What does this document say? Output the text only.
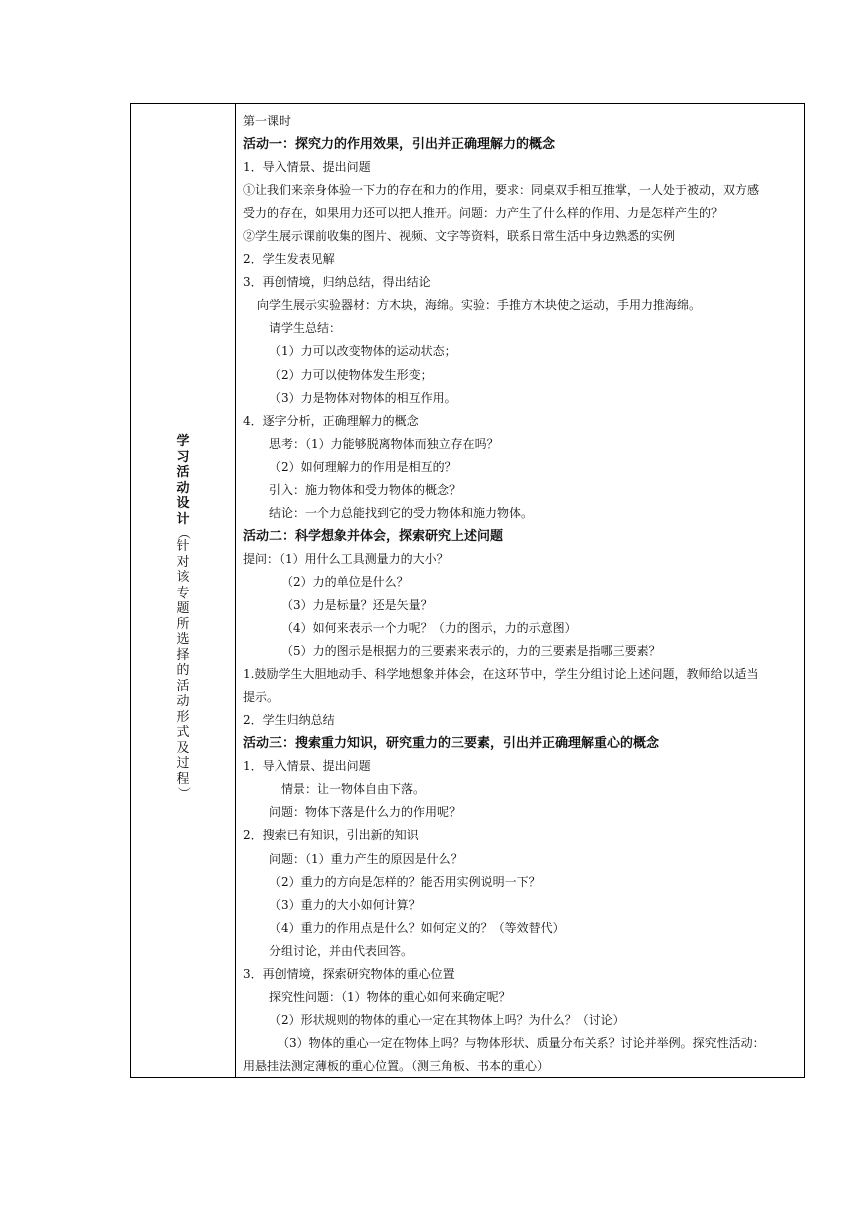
学
习
活
动
设
计
（
针
对
该
专
题
所
选
择
的
活
动
形
式
及
过
程
）
第一课时
活动一：探究力的作用效果，引出并正确理解力的概念
1．导入情景、提出问题
①让我们来亲身体验一下力的存在和力的作用，要求：同桌双手相互推掌，一人处于被动，双方感
受力的存在，如果用力还可以把人推开。问题：力产生了什么样的作用、力是怎样产生的？
②学生展示课前收集的图片、视频、文字等资料，联系日常生活中身边熟悉的实例
2．学生发表见解
3．再创情境，归纳总结，得出结论
向学生展示实验器材：方木块，海绵。实验：手推方木块使之运动，手用力推海绵。
请学生总结：
（1）力可以改变物体的运动状态；
（2）力可以使物体发生形变；
（3）力是物体对物体的相互作用。
4．逐字分析，正确理解力的概念
思考：（1）力能够脱离物体而独立存在吗？
（2）如何理解力的作用是相互的？
引入：施力物体和受力物体的概念？
结论：一个力总能找到它的受力物体和施力物体。
活动二：科学想象并体会，探索研究上述问题
提问：（1）用什么工具测量力的大小？
（2）力的单位是什么？
（3）力是标量？还是矢量？
（4）如何来表示一个力呢？（力的图示，力的示意图）
（5）力的图示是根据力的三要素来表示的，力的三要素是指哪三要素？
1.鼓励学生大胆地动手、科学地想象并体会，在这环节中，学生分组讨论上述问题，教师给以适当
提示。
2．学生归纳总结
活动三：搜索重力知识，研究重力的三要素，引出并正确理解重心的概念
1．导入情景、提出问题
情景：让一物体自由下落。
问题：物体下落是什么力的作用呢？
2．搜索已有知识，引出新的知识
问题：（1）重力产生的原因是什么？
（2）重力的方向是怎样的？能否用实例说明一下？
（3）重力的大小如何计算？
（4）重力的作用点是什么？如何定义的？（等效替代）
分组讨论，并由代表回答。
3．再创情境，探索研究物体的重心位置
探究性问题：（1）物体的重心如何来确定呢？
（2）形状规则的物体的重心一定在其物体上吗？为什么？（讨论）
（3）物体的重心一定在物体上吗？与物体形状、质量分布关系？讨论并举例。探究性活动：
用悬挂法测定薄板的重心位置。（测三角板、书本的重心）
